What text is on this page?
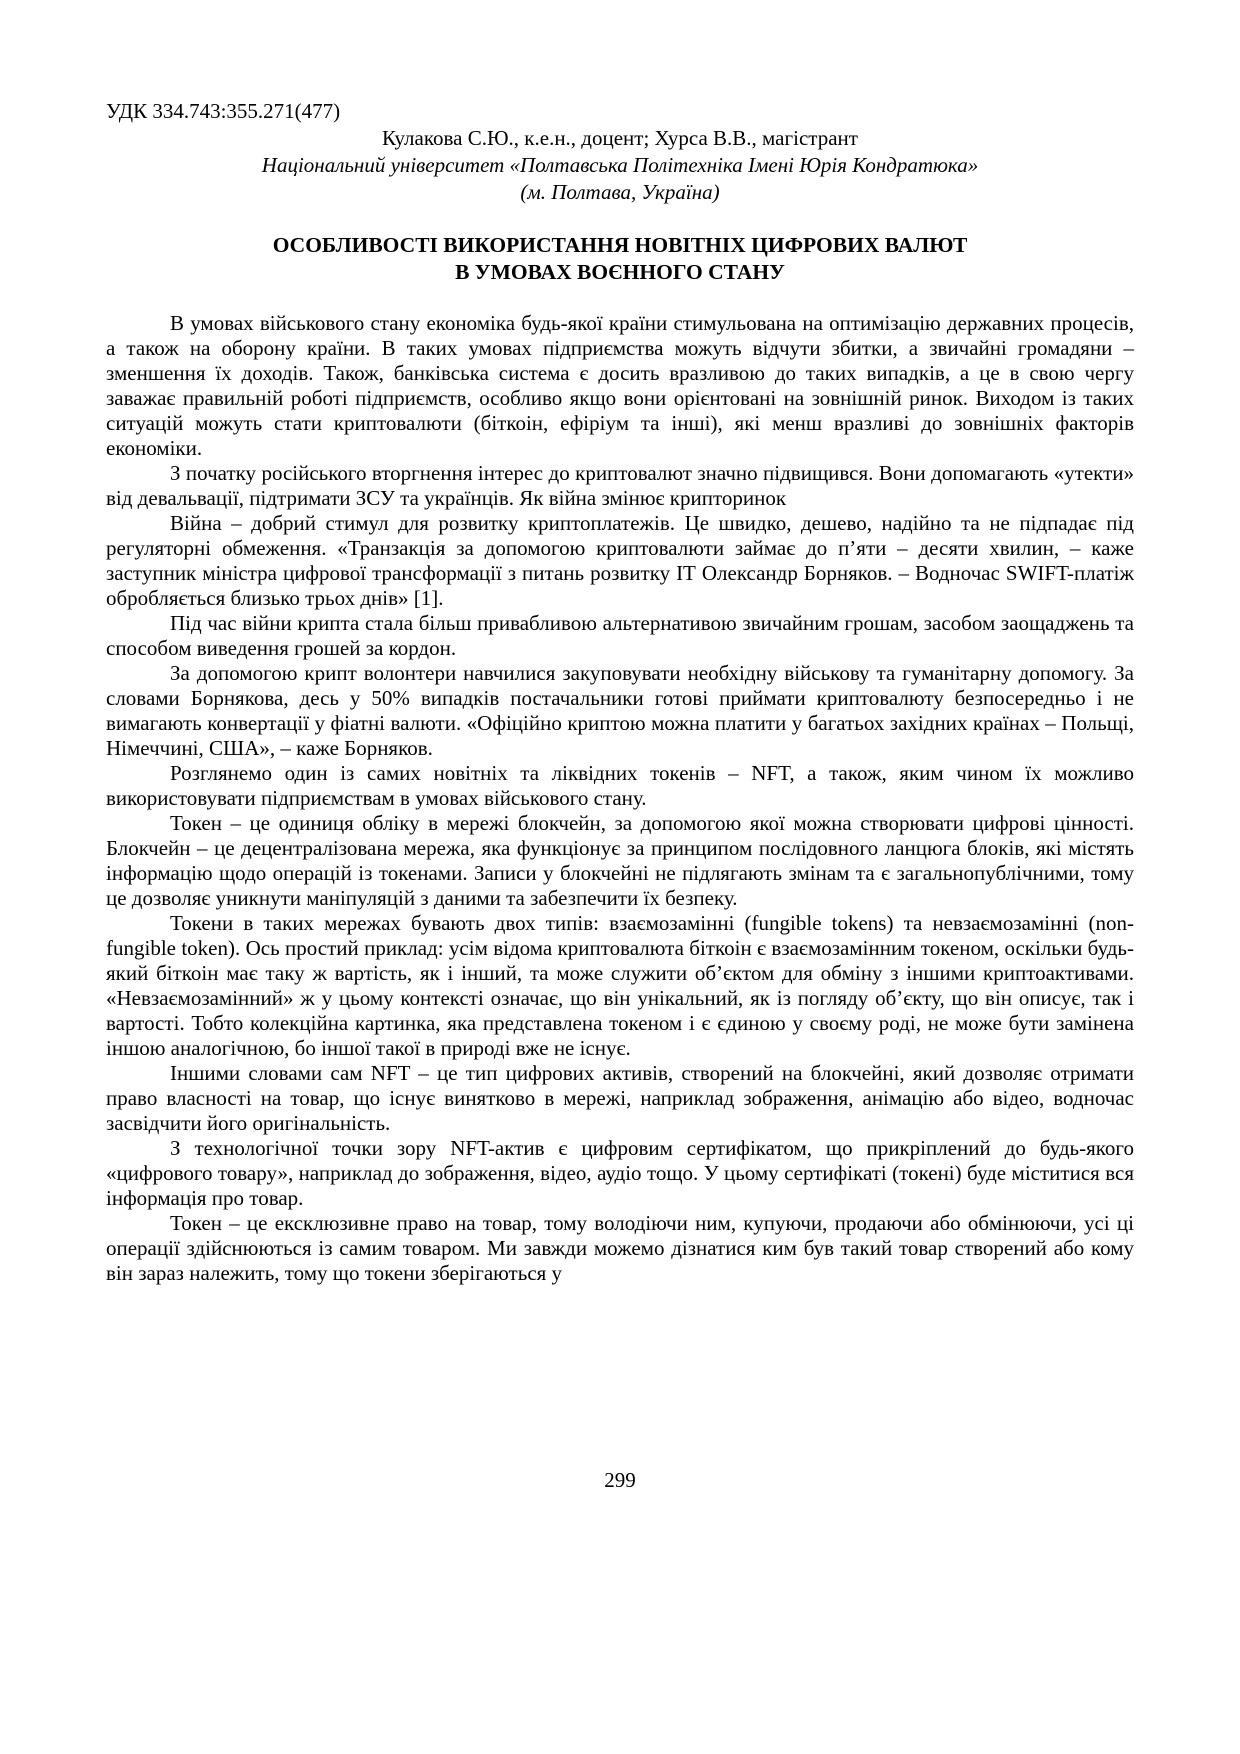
УДК 334.743:355.271(477)
Кулакова С.Ю., к.е.н., доцент; Хурса В.В., магістрант
Національний університет «Полтавська Політехніка Імені Юрія Кондратюка»
(м. Полтава, Україна)
ОСОБЛИВОСТІ ВИКОРИСТАННЯ НОВІТНІХ ЦИФРОВИХ ВАЛЮТ
В УМОВАХ ВОЄННОГО СТАНУ

В умовах військового стану економіка будь-якої країни стимульована на оптимізацію державних процесів, а також на оборону країни. В таких умовах підприємства можуть відчути збитки, а звичайні громадяни – зменшення їх доходів. Також, банківська система є досить вразливою до таких випадків, а це в свою чергу заважає правильній роботі підприємств, особливо якщо вони орієнтовані на зовнішній ринок. Виходом із таких ситуацій можуть стати криптовалюти (біткоін, ефіріум та інші), які менш вразливі до зовнішніх факторів економіки.

З початку російського вторгнення інтерес до криптовалют значно підвищився. Вони допомагають «утекти» від девальвації, підтримати ЗСУ та українців. Як війна змінює крипторинок

Війна – добрий стимул для розвитку криптоплатежів. Це швидко, дешево, надійно та не підпадає під регуляторні обмеження. «Транзакція за допомогою криптовалюти займає до п’яти – десяти хвилин, – каже заступник міністра цифрової трансформації з питань розвитку ІТ Олександр Борняков. – Водночас SWIFT-платіж обробляється близько трьох днів» [1].

Під час війни крипта стала більш привабливою альтернативою звичайним грошам, засобом заощаджень та способом виведення грошей за кордон.

За допомогою крипт волонтери навчилися закуповувати необхідну військову та гуманітарну допомогу. За словами Борнякова, десь у 50% випадків постачальники готові приймати криптовалюту безпосередньо і не вимагають конвертації у фіатні валюти. «Офіційно криптою можна платити у багатьох західних країнах – Польщі, Німеччині, США», – каже Борняков.

Розглянемо один із самих новітніх та ліквідних токенів – NFT, а також, яким чином їх можливо використовувати підприємствам в умовах військового стану.

Токен – це одиниця обліку в мережі блокчейн, за допомогою якої можна створювати цифрові цінності. Блокчейн – це децентралізована мережа, яка функціонує за принципом послідовного ланцюга блоків, які містять інформацію щодо операцій із токенами. Записи у блокчейні не підлягають змінам та є загальнопублічними, тому це дозволяє уникнути маніпуляцій з даними та забезпечити їх безпеку.

Токени в таких мережах бувають двох типів: взаємозамінні (fungible tokens) та невзаємозамінні (non-fungible token). Ось простий приклад: усім відома криптовалюта біткоін є взаємозамінним токеном, оскільки будь-який біткоін має таку ж вартість, як і інший, та може служити об’єктом для обміну з іншими криптоактивами. «Невзаємозамінний» ж у цьому контексті означає, що він унікальний, як із погляду об’єкту, що він описує, так і вартості. Тобто колекційна картинка, яка представлена токеном і є єдиною у своєму роді, не може бути замінена іншою аналогічною, бо іншої такої в природі вже не існує.

Іншими словами сам NFT – це тип цифрових активів, створений на блокчейні, який дозволяє отримати право власності на товар, що існує винятково в мережі, наприклад зображення, анімацію або відео, водночас засвідчити його оригінальність.

З технологічної точки зору NFT-актив є цифровим сертифікатом, що прикріплений до будь-якого «цифрового товару», наприклад до зображення, відео, аудіо тощо. У цьому сертифікаті (токені) буде міститися вся інформація про товар.

Токен – це ексклюзивне право на товар, тому володіючи ним, купуючи, продаючи або обмінюючи, усі ці операції здійснюються із самим товаром. Ми завжди можемо дізнатися ким був такий товар створений або кому він зараз належить, тому що токени зберігаються у

299
